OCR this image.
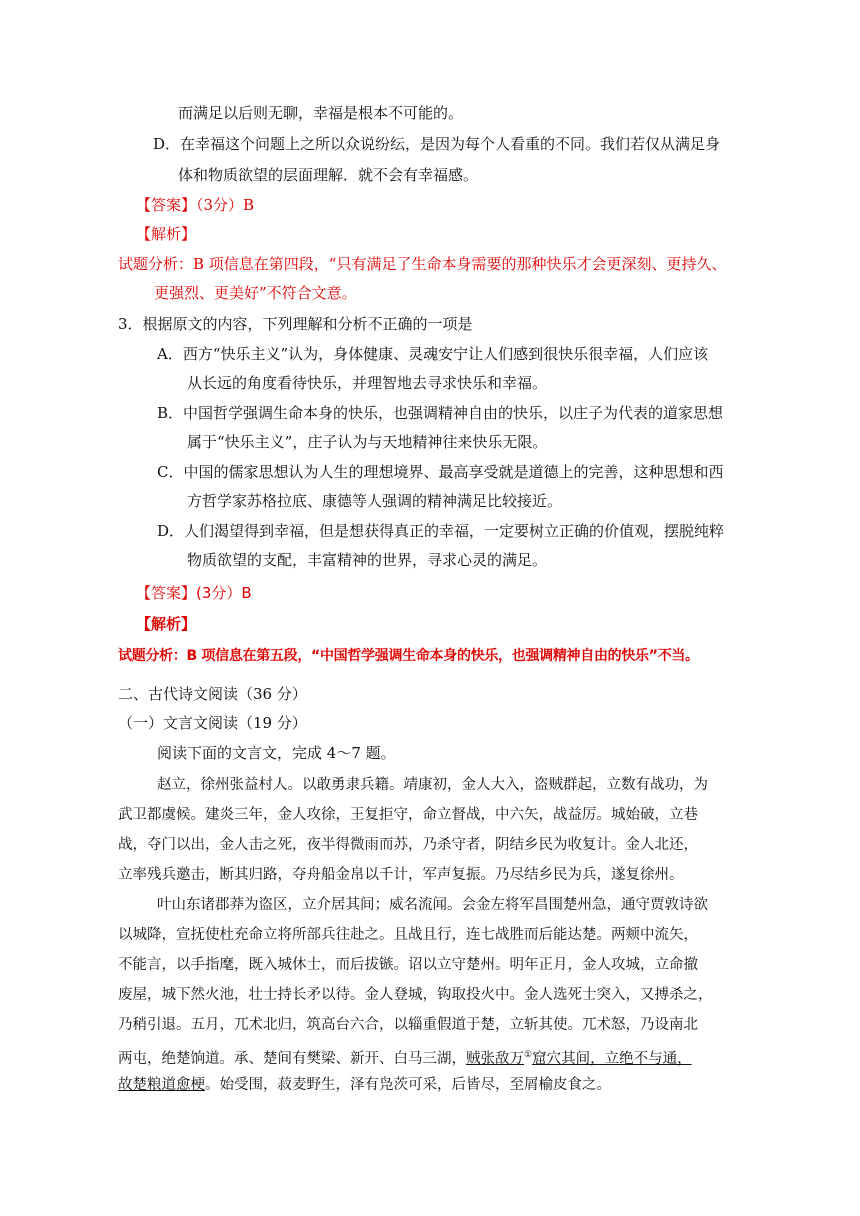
而满足以后则无聊，幸福是根本不可能的。
D．在幸福这个问题上之所以众说纷纭，是因为每个人看重的不同。我们若仅从满足身
体和物质欲望的层面理解．就不会有幸福感。
【答案】（3分）B
【解析】
试题分析：B 项信息在第四段，“只有满足了生命本身需要的那种快乐才会更深刻、更持久、
更强烈、更美好”不符合文意。
3．根据原文的内容，下列理解和分析不正确的一项是
A．西方“快乐主义”认为，身体健康、灵魂安宁让人们感到很快乐很幸福，人们应该
从长远的角度看待快乐，并理智地去寻求快乐和幸福。
B．中国哲学强调生命本身的快乐，也强调精神自由的快乐，以庄子为代表的道家思想
属于“快乐主义”，庄子认为与天地精神往来快乐无限。
C．中国的儒家思想认为人生的理想境界、最高享受就是道德上的完善，这种思想和西
方哲学家苏格拉底、康德等人强调的精神满足比较接近。
D．人们渴望得到幸福，但是想获得真正的幸福，一定要树立正确的价值观，摆脱纯粹
物质欲望的支配，丰富精神的世界，寻求心灵的满足。
【答案】(3分）B
【解析】
试题分析：B 项信息在第五段，“中国哲学强调生命本身的快乐，也强调精神自由的快乐”不当。
二、古代诗文阅读（36 分）
（一）文言文阅读（19 分）
阅读下面的文言文，完成 4～7 题。
赵立，徐州张益村人。以敢勇隶兵籍。靖康初，金人大入，盗贼群起，立数有战功，为
武卫都虞候。建炎三年，金人攻徐，王复拒守，命立督战，中六矢，战益厉。城始破，立巷
战，夺门以出，金人击之死，夜半得微雨而苏，乃杀守者，阴结乡民为收复计。金人北还，
立率残兵邀击，断其归路，夺舟船金帛以千计，军声复振。乃尽结乡民为兵，遂复徐州。
叶山东诸郡莽为盗区，立介居其间；威名流闻。会金左将军昌围楚州急，通守贾敦诗欲
以城降，宣抚使杜充命立将所部兵往赴之。且战且行，连七战胜而后能达楚。两颊中流矢，
不能言，以手指麾，既入城休士，而后拔镞。诏以立守楚州。明年正月，金人攻城，立命撤
废屋，城下然火池，壮士持长矛以待。金人登城，钩取投火中。金人选死士突入，又搏杀之，
乃稍引退。五月，兀术北归，筑高台六合，以辎重假道于楚，立斩其使。兀术怒，乃设南北
两屯，绝楚饷道。承、楚间有樊梁、新开、白马三湖，贼张敌万①窟穴其间，立绝不与通，
故楚粮道愈梗。始受围，菽麦野生，泽有凫茨可采，后皆尽，至屑榆皮食之。
